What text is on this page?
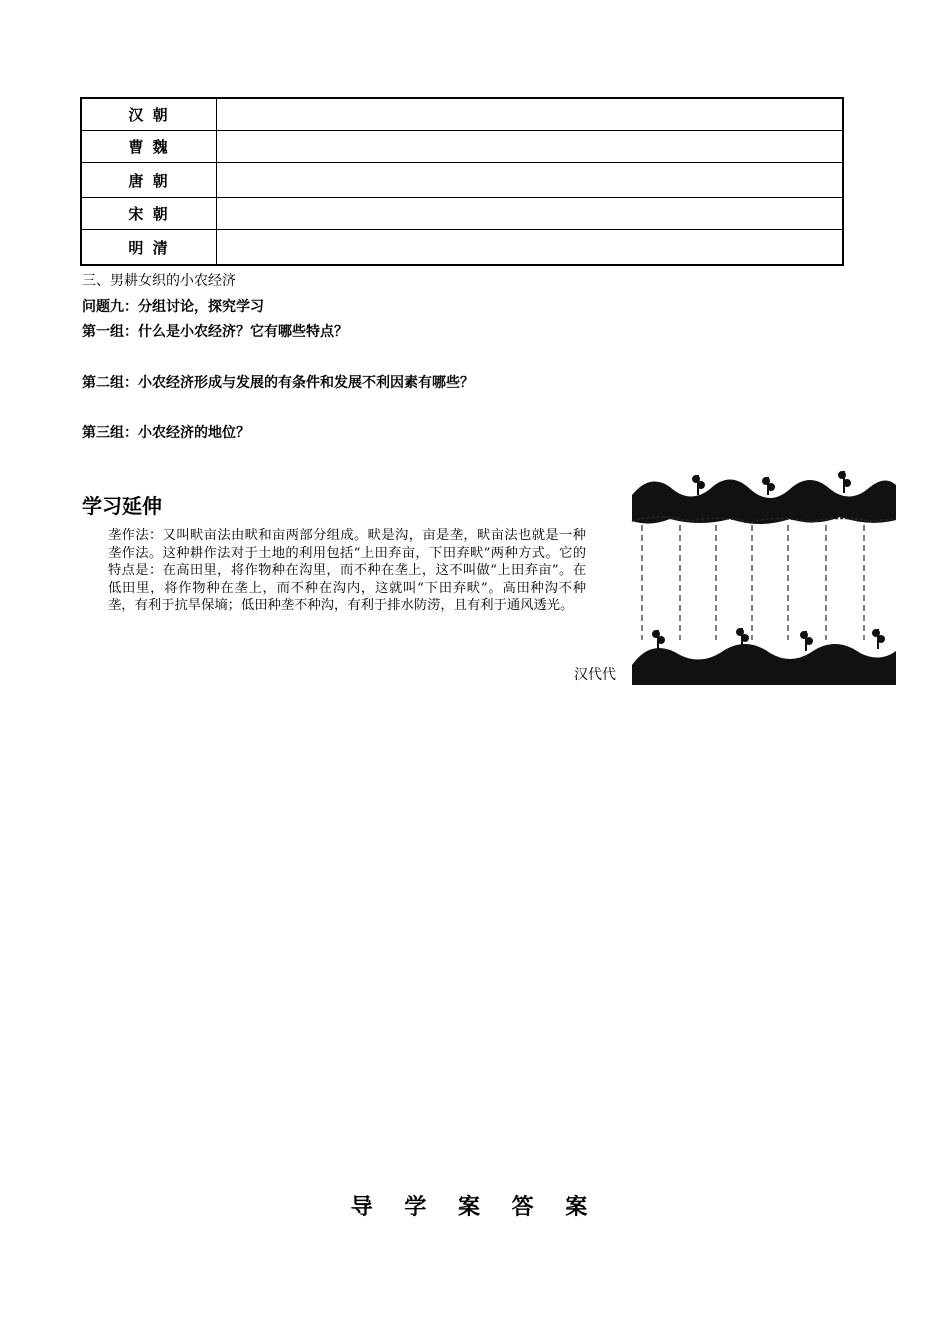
汉 朝	
曹 魏	
唐 朝	
宋 朝	
明 清	
三、男耕女织的小农经济
问题九：分组讨论，探究学习
第一组：什么是小农经济？它有哪些特点？
第二组：小农经济形成与发展的有条件和发展不利因素有哪些？
第三组：小农经济的地位？
学习延伸
垄作法：又叫畎亩法由畎和亩两部分组成。畎是沟，亩是垄，畎亩法也就是一种垄作法。这种耕作法对于土地的利用包括“上田弃亩，下田弃畎”两种方式。它的特点是：在高田里，将作物种在沟里，而不种在垄上，这不叫做“上田弃亩”。在低田里，将作物种在垄上，而不种在沟内，这就叫“下田弃畎”。高田种沟不种垄，有利于抗旱保墒；低田种垄不种沟，有利于排水防涝，且有利于通风透光。
汉代代
导 学 案 答 案
